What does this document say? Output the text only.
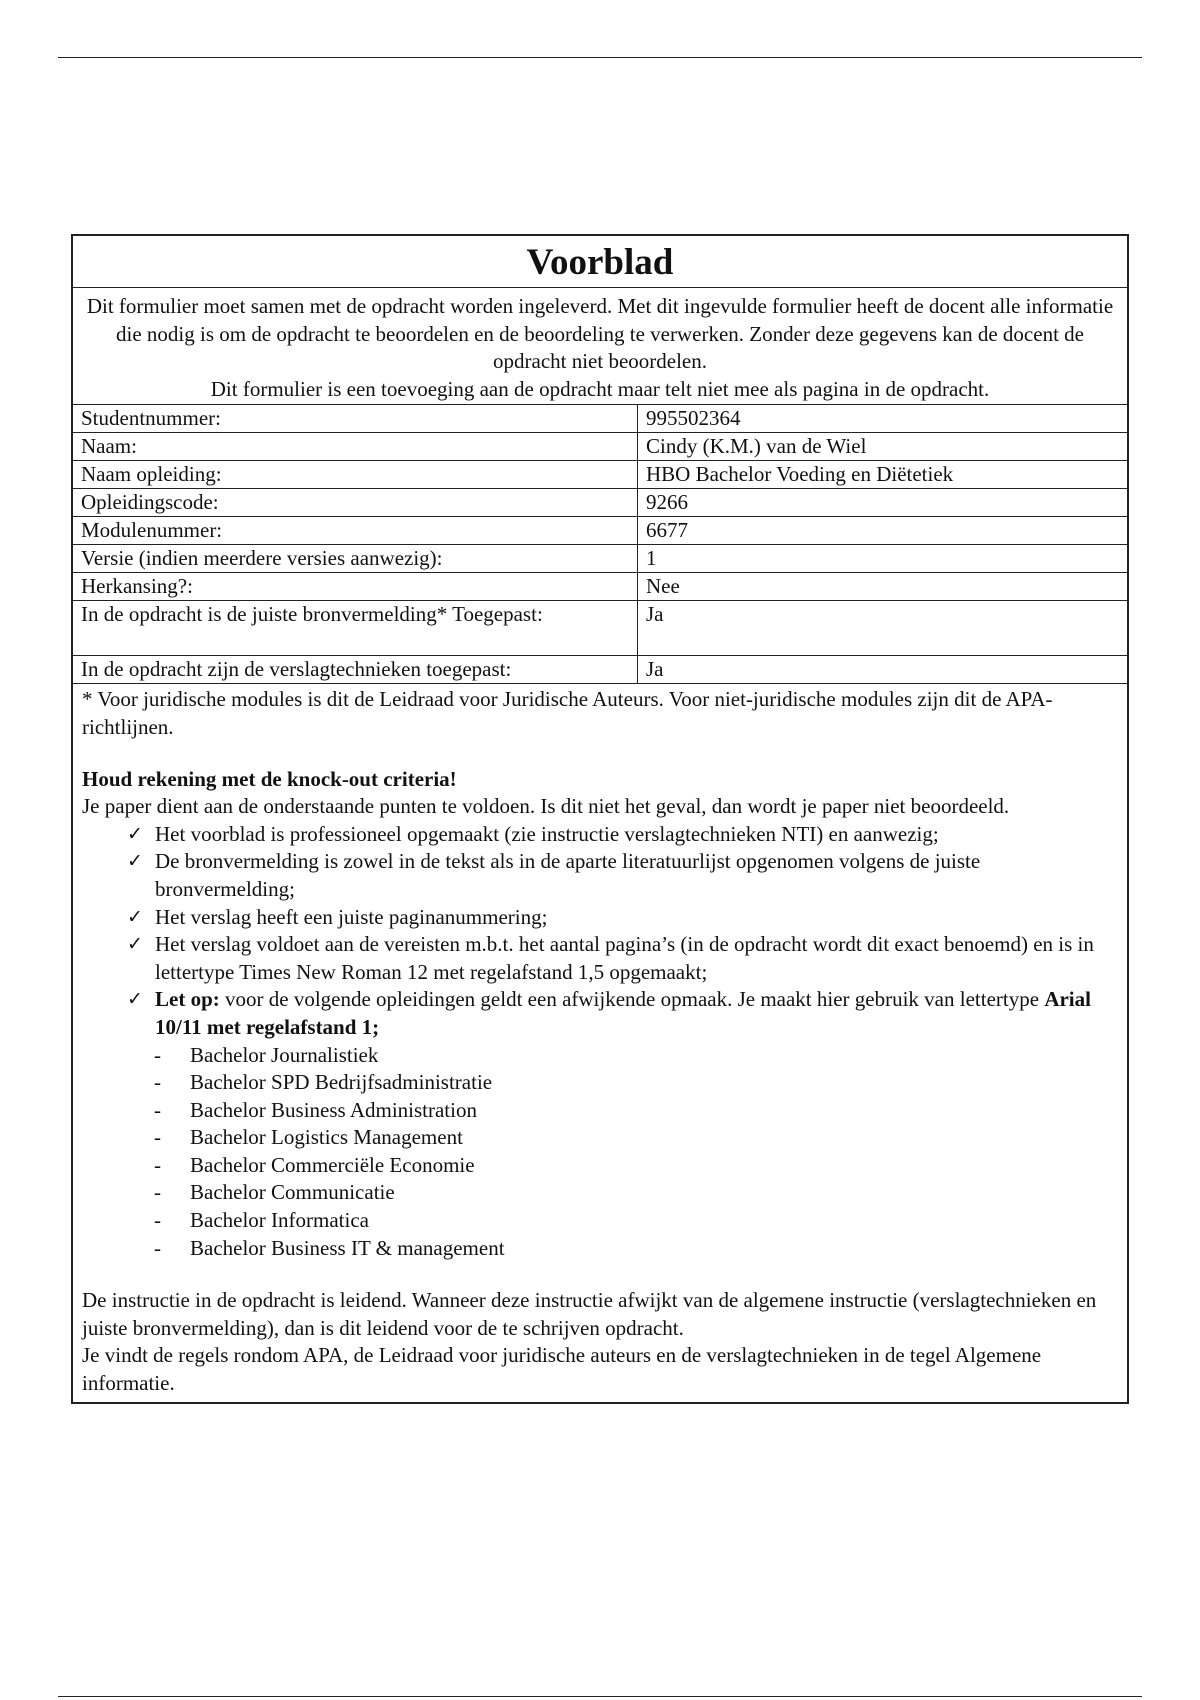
Voorblad

Dit formulier moet samen met de opdracht worden ingeleverd. Met dit ingevulde formulier heeft de docent alle informatie die nodig is om de opdracht te beoordelen en de beoordeling te verwerken. Zonder deze gegevens kan de docent de opdracht niet beoordelen.

Dit formulier is een toevoeging aan de opdracht maar telt niet mee als pagina in de opdracht.

Studentnummer:	995502364
Naam:	Cindy (K.M.) van de Wiel
Naam opleiding:	HBO Bachelor Voeding en Diëtetiek
Opleidingscode:	9266
Modulenummer:	6677
Versie (indien meerdere versies aanwezig):	1
Herkansing?:	Nee
In de opdracht is de juiste bronvermelding* Toegepast:	Ja
In de opdracht zijn de verslagtechnieken toegepast:	Ja

* Voor juridische modules is dit de Leidraad voor Juridische Auteurs. Voor niet-juridische modules zijn dit de APA-richtlijnen.

Houd rekening met de knock-out criteria!

Je paper dient aan de onderstaande punten te voldoen. Is dit niet het geval, dan wordt je paper niet beoordeeld.

✓ Het voorblad is professioneel opgemaakt (zie instructie verslagtechnieken NTI) en aanwezig;
✓ De bronvermelding is zowel in de tekst als in de aparte literatuurlijst opgenomen volgens de juiste bronvermelding;
✓ Het verslag heeft een juiste paginanummering;
✓ Het verslag voldoet aan de vereisten m.b.t. het aantal pagina’s (in de opdracht wordt dit exact benoemd) en is in lettertype Times New Roman 12 met regelafstand 1,5 opgemaakt;
✓ Let op: voor de volgende opleidingen geldt een afwijkende opmaak. Je maakt hier gebruik van lettertype Arial 10/11 met regelafstand 1;
- Bachelor Journalistiek
- Bachelor SPD Bedrijfsadministratie
- Bachelor Business Administration
- Bachelor Logistics Management
- Bachelor Commerciële Economie
- Bachelor Communicatie
- Bachelor Informatica
- Bachelor Business IT & management

De instructie in de opdracht is leidend. Wanneer deze instructie afwijkt van de algemene instructie (verslagtechnieken en juiste bronvermelding), dan is dit leidend voor de te schrijven opdracht.

Je vindt de regels rondom APA, de Leidraad voor juridische auteurs en de verslagtechnieken in de tegel Algemene informatie.
